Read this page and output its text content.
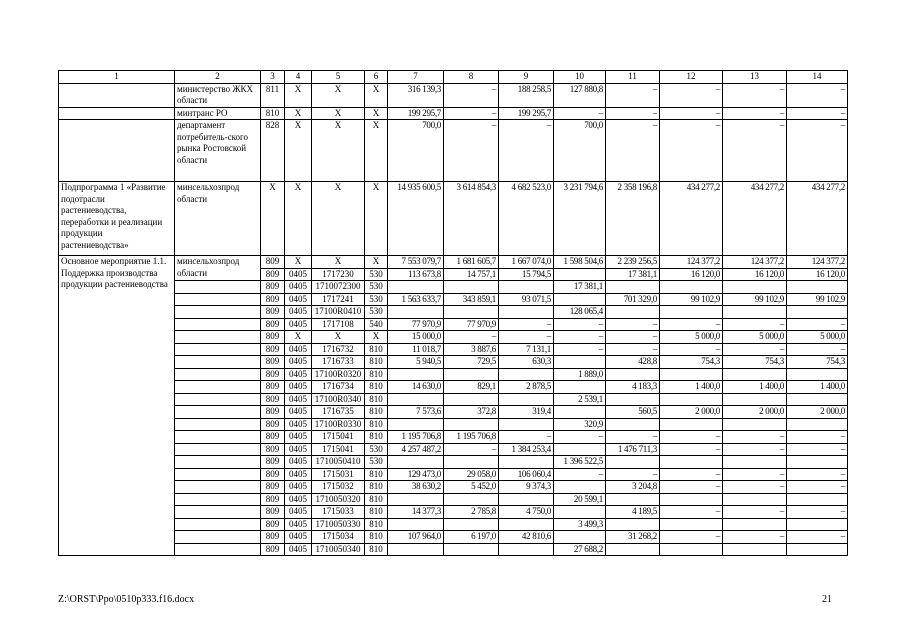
1	2	3	4	5	6	7	8	9	10	11	12	13	14
	министерство ЖКХ области	811	Х	Х	Х	316 139,3	–	188 258,5	127 880,8	–	–	–	–
	минтранс РО	810	Х	Х	Х	199 295,7	–	199 295,7	–	–	–	–	–
	департамент потребитель-ского рынка Ростовской области	828	Х	Х	Х	700,0	–	–	700,0	–	–	–	–
Подпрограмма 1 «Развитие подотрасли растениеводства, переработки и реализации продукции растениеводства»	минсельхозпрод области	Х	Х	Х	Х	14 935 600,5	3 614 854,3	4 682 523,0	3 231 794,6	2 358 196,8	434 277,2	434 277,2	434 277,2
Основное мероприятие 1.1. Поддержка производства продукции растениеводства	минсельхозпрод области	809	Х	Х	Х	7 553 079,7	1 681 605,7	1 667 074,0	1 598 504,6	2 239 256,5	124 377,2	124 377,2	124 377,2
		809	0405	1717230	530	113 673,8	14 757,1	15 794,5		17 381,1	16 120,0	16 120,0	16 120,0
		809	0405	1710072300	530				17 381,1				
		809	0405	1717241	530	1 563 633,7	343 859,1	93 071,5		701 329,0	99 102,9	99 102,9	99 102,9
		809	0405	17100R0410	530				128 065,4				
		809	0405	1717108	540	77 970,9	77 970,9	–	–	–	–	–	–
		809	Х	Х	Х	15 000,0	–	–	–	–	5 000,0	5 000,0	5 000,0
		809	0405	1716732	810	11 018,7	3 887,6	7 131,1	–	–	–	–	–
		809	0405	1716733	810	5 940,5	729,5	630,3		428,8	754,3	754,3	754,3
		809	0405	17100R0320	810				1 889,0				
		809	0405	1716734	810	14 630,0	829,1	2 878,5		4 183,3	1 400,0	1 400,0	1 400,0
		809	0405	17100R0340	810				2 539,1				
		809	0405	1716735	810	7 573,6	372,8	319,4		560,5	2 000,0	2 000,0	2 000,0
		809	0405	17100R0330	810				320,9				
		809	0405	1715041	810	1 195 706,8	1 195 706,8	–	–	–	–	–	–
		809	0405	1715041	530	4 257 487,2	–	1 384 253,4		1 476 711,3	–	–	–
		809	0405	1710050410	530				1 396 522,5				
		809	0405	1715031	810	129 473,0	29 058,0	106 060,4	–	–	–	–	–
		809	0405	1715032	810	38 630,2	5 452,0	9 374,3		3 204,8	–	–	–
		809	0405	1710050320	810				20 599,1				
		809	0405	1715033	810	14 377,3	2 785,8	4 750,0		4 189,5	–	–	–
		809	0405	1710050330	810				3 499,3				
		809	0405	1715034	810	107 964,0	6 197,0	42 810,6		31 268,2	–	–	–
		809	0405	1710050340	810				27 688,2				
Z:\ORST\Ppo\0510p333.f16.docx	21
